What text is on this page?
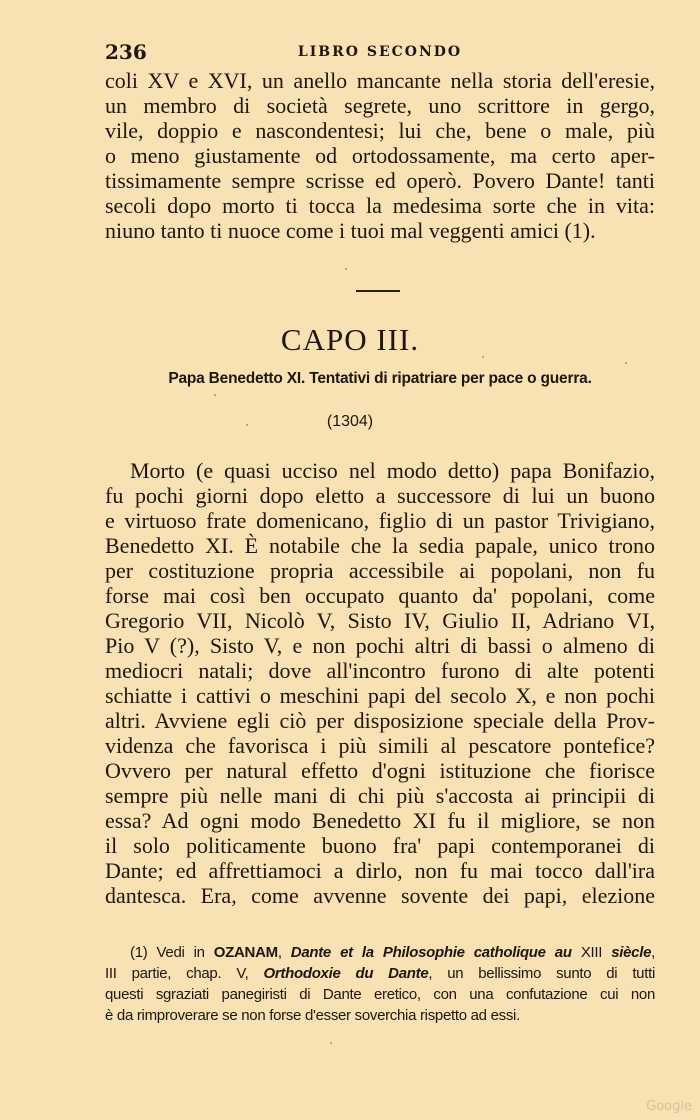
236	LIBRO SECONDO
coli XV e XVI, un anello mancante nella storia dell'eresie,
un membro di società segrete, uno scrittore in gergo,
vile, doppio e nascondentesi; lui che, bene o male, più
o meno giustamente od ortodossamente, ma certo aper-
tissimamente sempre scrisse ed operò. Povero Dante! tanti
secoli dopo morto ti tocca la medesima sorte che in vita:
niuno tanto ti nuoce come i tuoi mal veggenti amici (1).
CAPO III.
Papa Benedetto XI. Tentativi di ripatriare per pace o guerra.
(1304)
Morto (e quasi ucciso nel modo detto) papa Bonifazio,
fu pochi giorni dopo eletto a successore di lui un buono
e virtuoso frate domenicano, figlio di un pastor Trivigiano,
Benedetto XI. È notabile che la sedia papale, unico trono
per costituzione propria accessibile ai popolani, non fu
forse mai così ben occupato quanto da' popolani, come
Gregorio VII, Nicolò V, Sisto IV, Giulio II, Adriano VI,
Pio V (?), Sisto V, e non pochi altri di bassi o almeno di
mediocri natali; dove all'incontro furono di alte potenti
schiatte i cattivi o meschini papi del secolo X, e non pochi
altri. Avviene egli ciò per disposizione speciale della Prov-
videnza che favorisca i più simili al pescatore pontefice?
Ovvero per natural effetto d'ogni istituzione che fiorisce
sempre più nelle mani di chi più s'accosta ai principii di
essa? Ad ogni modo Benedetto XI fu il migliore, se non
il solo politicamente buono fra' papi contemporanei di
Dante; ed affrettiamoci a dirlo, non fu mai tocco dall'ira
dantesca. Era, come avvenne sovente dei papi, elezione
(1) Vedi in OZANAM, Dante et la Philosophie catholique au XIII siècle,
III partie, chap. V, Orthodoxie du Dante, un bellissimo sunto di tutti
questi sgraziati panegiristi di Dante eretico, con una confutazione cui non
è da rimproverare se non forse d'esser soverchia rispetto ad essi.
Google
